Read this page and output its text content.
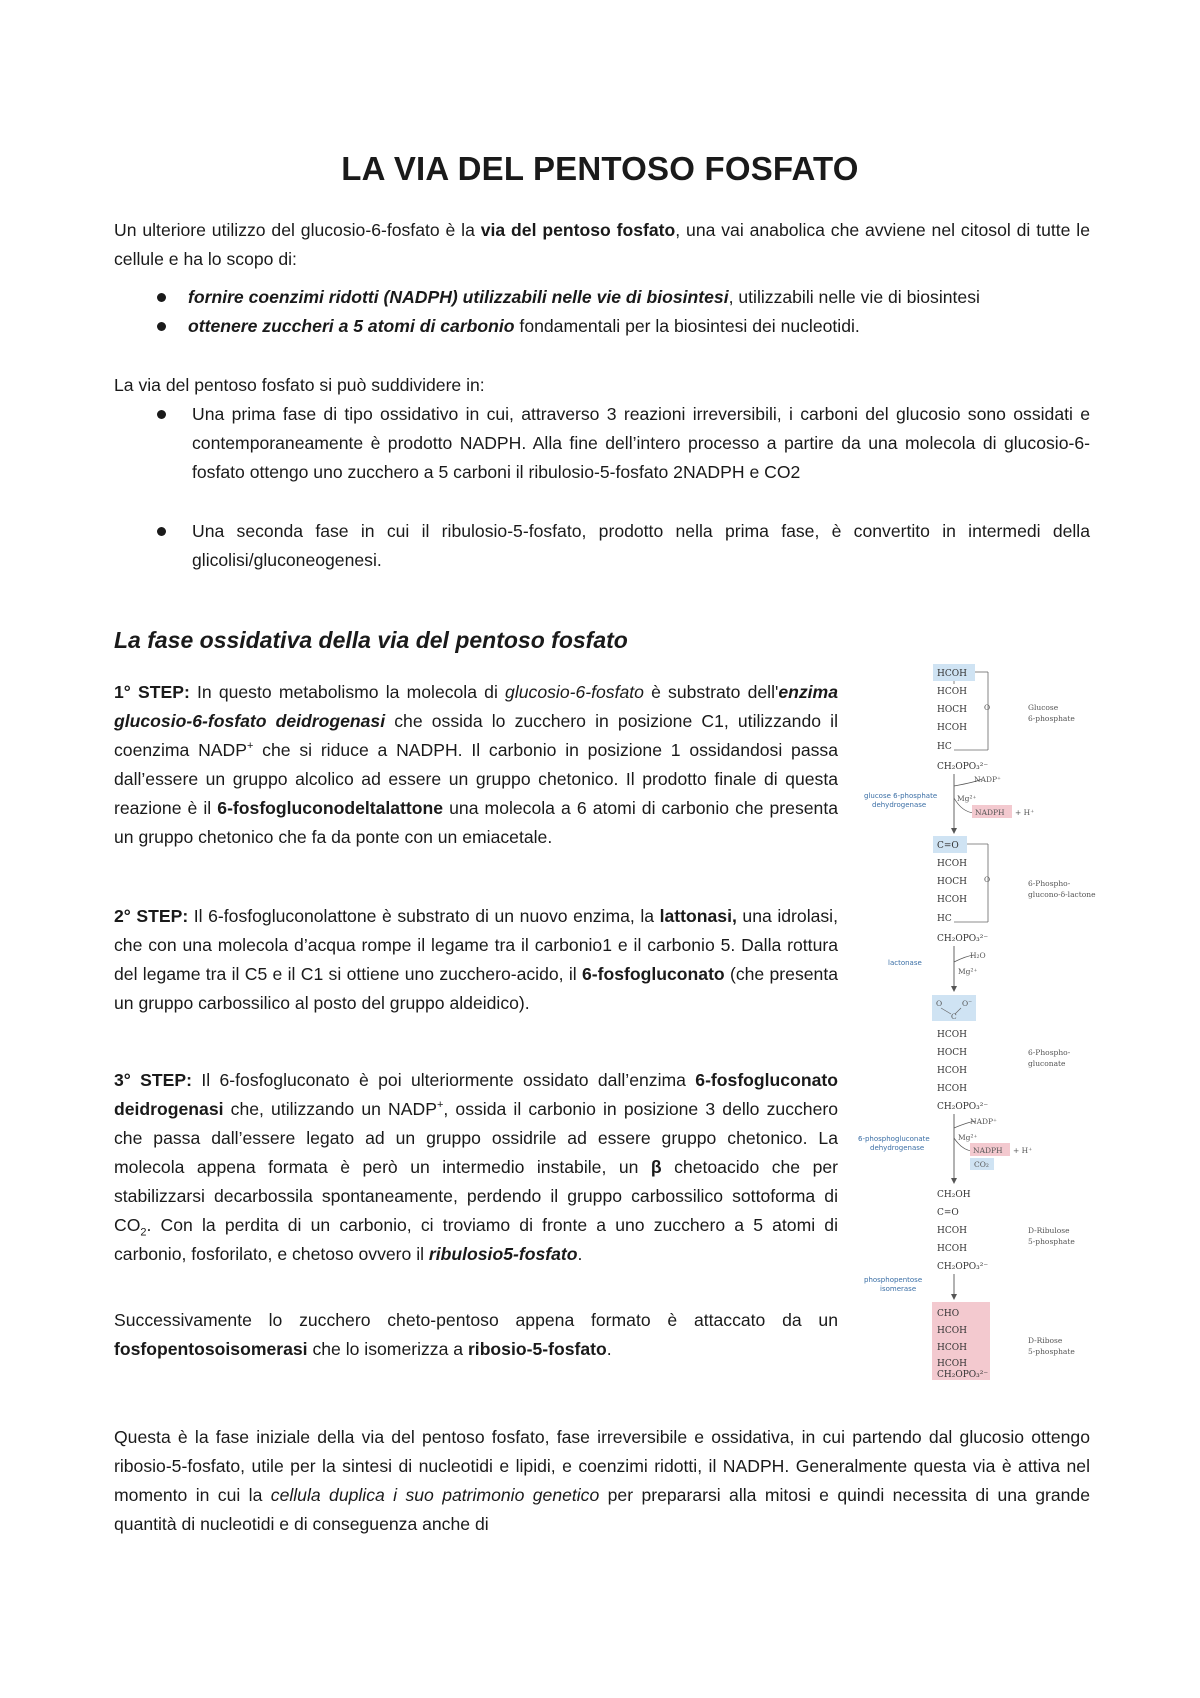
LA VIA DEL PENTOSO FOSFATO

Un ulteriore utilizzo del glucosio-6-fosfato è la via del pentoso fosfato, una vai anabolica che avviene nel citosol di tutte le cellule e ha lo scopo di:

fornire coenzimi ridotti (NADPH) utilizzabili nelle vie di biosintesi, utilizzabili nelle vie di biosintesi

ottenere zuccheri a 5 atomi di carbonio fondamentali per la biosintesi dei nucleotidi.

La via del pentoso fosfato si può suddividere in:

Una prima fase di tipo ossidativo in cui, attraverso 3 reazioni irreversibili, i carboni del glucosio sono ossidati e contemporaneamente è prodotto NADPH. Alla fine dell’intero processo a partire da una molecola di glucosio-6-fosfato ottengo uno zucchero a 5 carboni il ribulosio-5-fosfato 2NADPH e CO2

Una seconda fase in cui il ribulosio-5-fosfato, prodotto nella prima fase, è convertito in intermedi della glicolisi/gluconeogenesi.

La fase ossidativa della via del pentoso fosfato

1° STEP: In questo metabolismo la molecola di glucosio-6-fosfato è substrato dell'enzima glucosio-6-fosfato deidrogenasi che ossida lo zucchero in posizione C1, utilizzando il coenzima NADP+ che si riduce a NADPH. Il carbonio in posizione 1 ossidandosi passa dall’essere un gruppo alcolico ad essere un gruppo chetonico. Il prodotto finale di questa reazione è il 6-fosfogluconodeltalattone una molecola a 6 atomi di carbonio che presenta un gruppo chetonico che fa da ponte con un emiacetale.

2° STEP: Il 6-fosfogluconolattone è substrato di un nuovo enzima, la lattonasi, una idrolasi, che con una molecola d’acqua rompe il legame tra il carbonio1 e il carbonio 5. Dalla rottura del legame tra il C5 e il C1 si ottiene uno zucchero-acido, il 6-fosfogluconato (che presenta un gruppo carbossilico al posto del gruppo aldeidico).

3° STEP: Il 6-fosfogluconato è poi ulteriormente ossidato dall’enzima 6-fosfogluconato deidrogenasi che, utilizzando un NADP+, ossida il carbonio in posizione 3 dello zucchero che passa dall’essere legato ad un gruppo ossidrile ad essere gruppo chetonico. La molecola appena formata è però un intermedio instabile, un β chetoacido che per stabilizzarsi decarbossila spontaneamente, perdendo il gruppo carbossilico sottoforma di $CO_2$. Con la perdita di un carbonio, ci troviamo di fronte a uno zucchero a 5 atomi di carbonio, fosforilato, e chetoso ovvero il ribulosio5-fosfato.

Successivamente lo zucchero cheto-pentoso appena formato è attaccato da un fosfopentosoisomerasi che lo isomerizza a ribosio-5-fosfato.

Questa è la fase iniziale della via del pentoso fosfato, fase irreversibile e ossidativa, in cui partendo dal glucosio ottengo ribosio-5-fosfato, utile per la sintesi di nucleotidi e lipidi, e coenzimi ridotti, il NADPH. Generalmente questa via è attiva nel momento in cui la cellula duplica i suo patrimonio genetico per prepararsi alla mitosi e quindi necessita di una grande quantità di nucleotidi e di conseguenza anche di

HCOH
O
HCOH
HOCH
HCOH
HC
CH₂OPO₃²⁻
Glucose
6-phosphate
NADP⁺
Mg²⁺
NADPH + H⁺
glucose 6-phosphate
dehydrogenase
C=O
O
HCOH
HOCH
HCOH
HC
CH₂OPO₃²⁻
6-Phospho-
glucono-δ-lactone
H₂O
Mg²⁺
lactonase
O	O⁻
C
HCOH
HOCH
HCOH
HCOH
CH₂OPO₃²⁻
6-Phospho-
gluconate
NADP⁺
Mg²⁺
NADPH + H⁺
CO₂
6-phosphogluconate
dehydrogenase
CH₂OH
C=O
HCOH
HCOH
CH₂OPO₃²⁻
D-Ribulose
5-phosphate
phosphopentose
isomerase
CHO
HCOH
HCOH
HCOH
CH₂OPO₃²⁻
D-Ribose
5-phosphate
